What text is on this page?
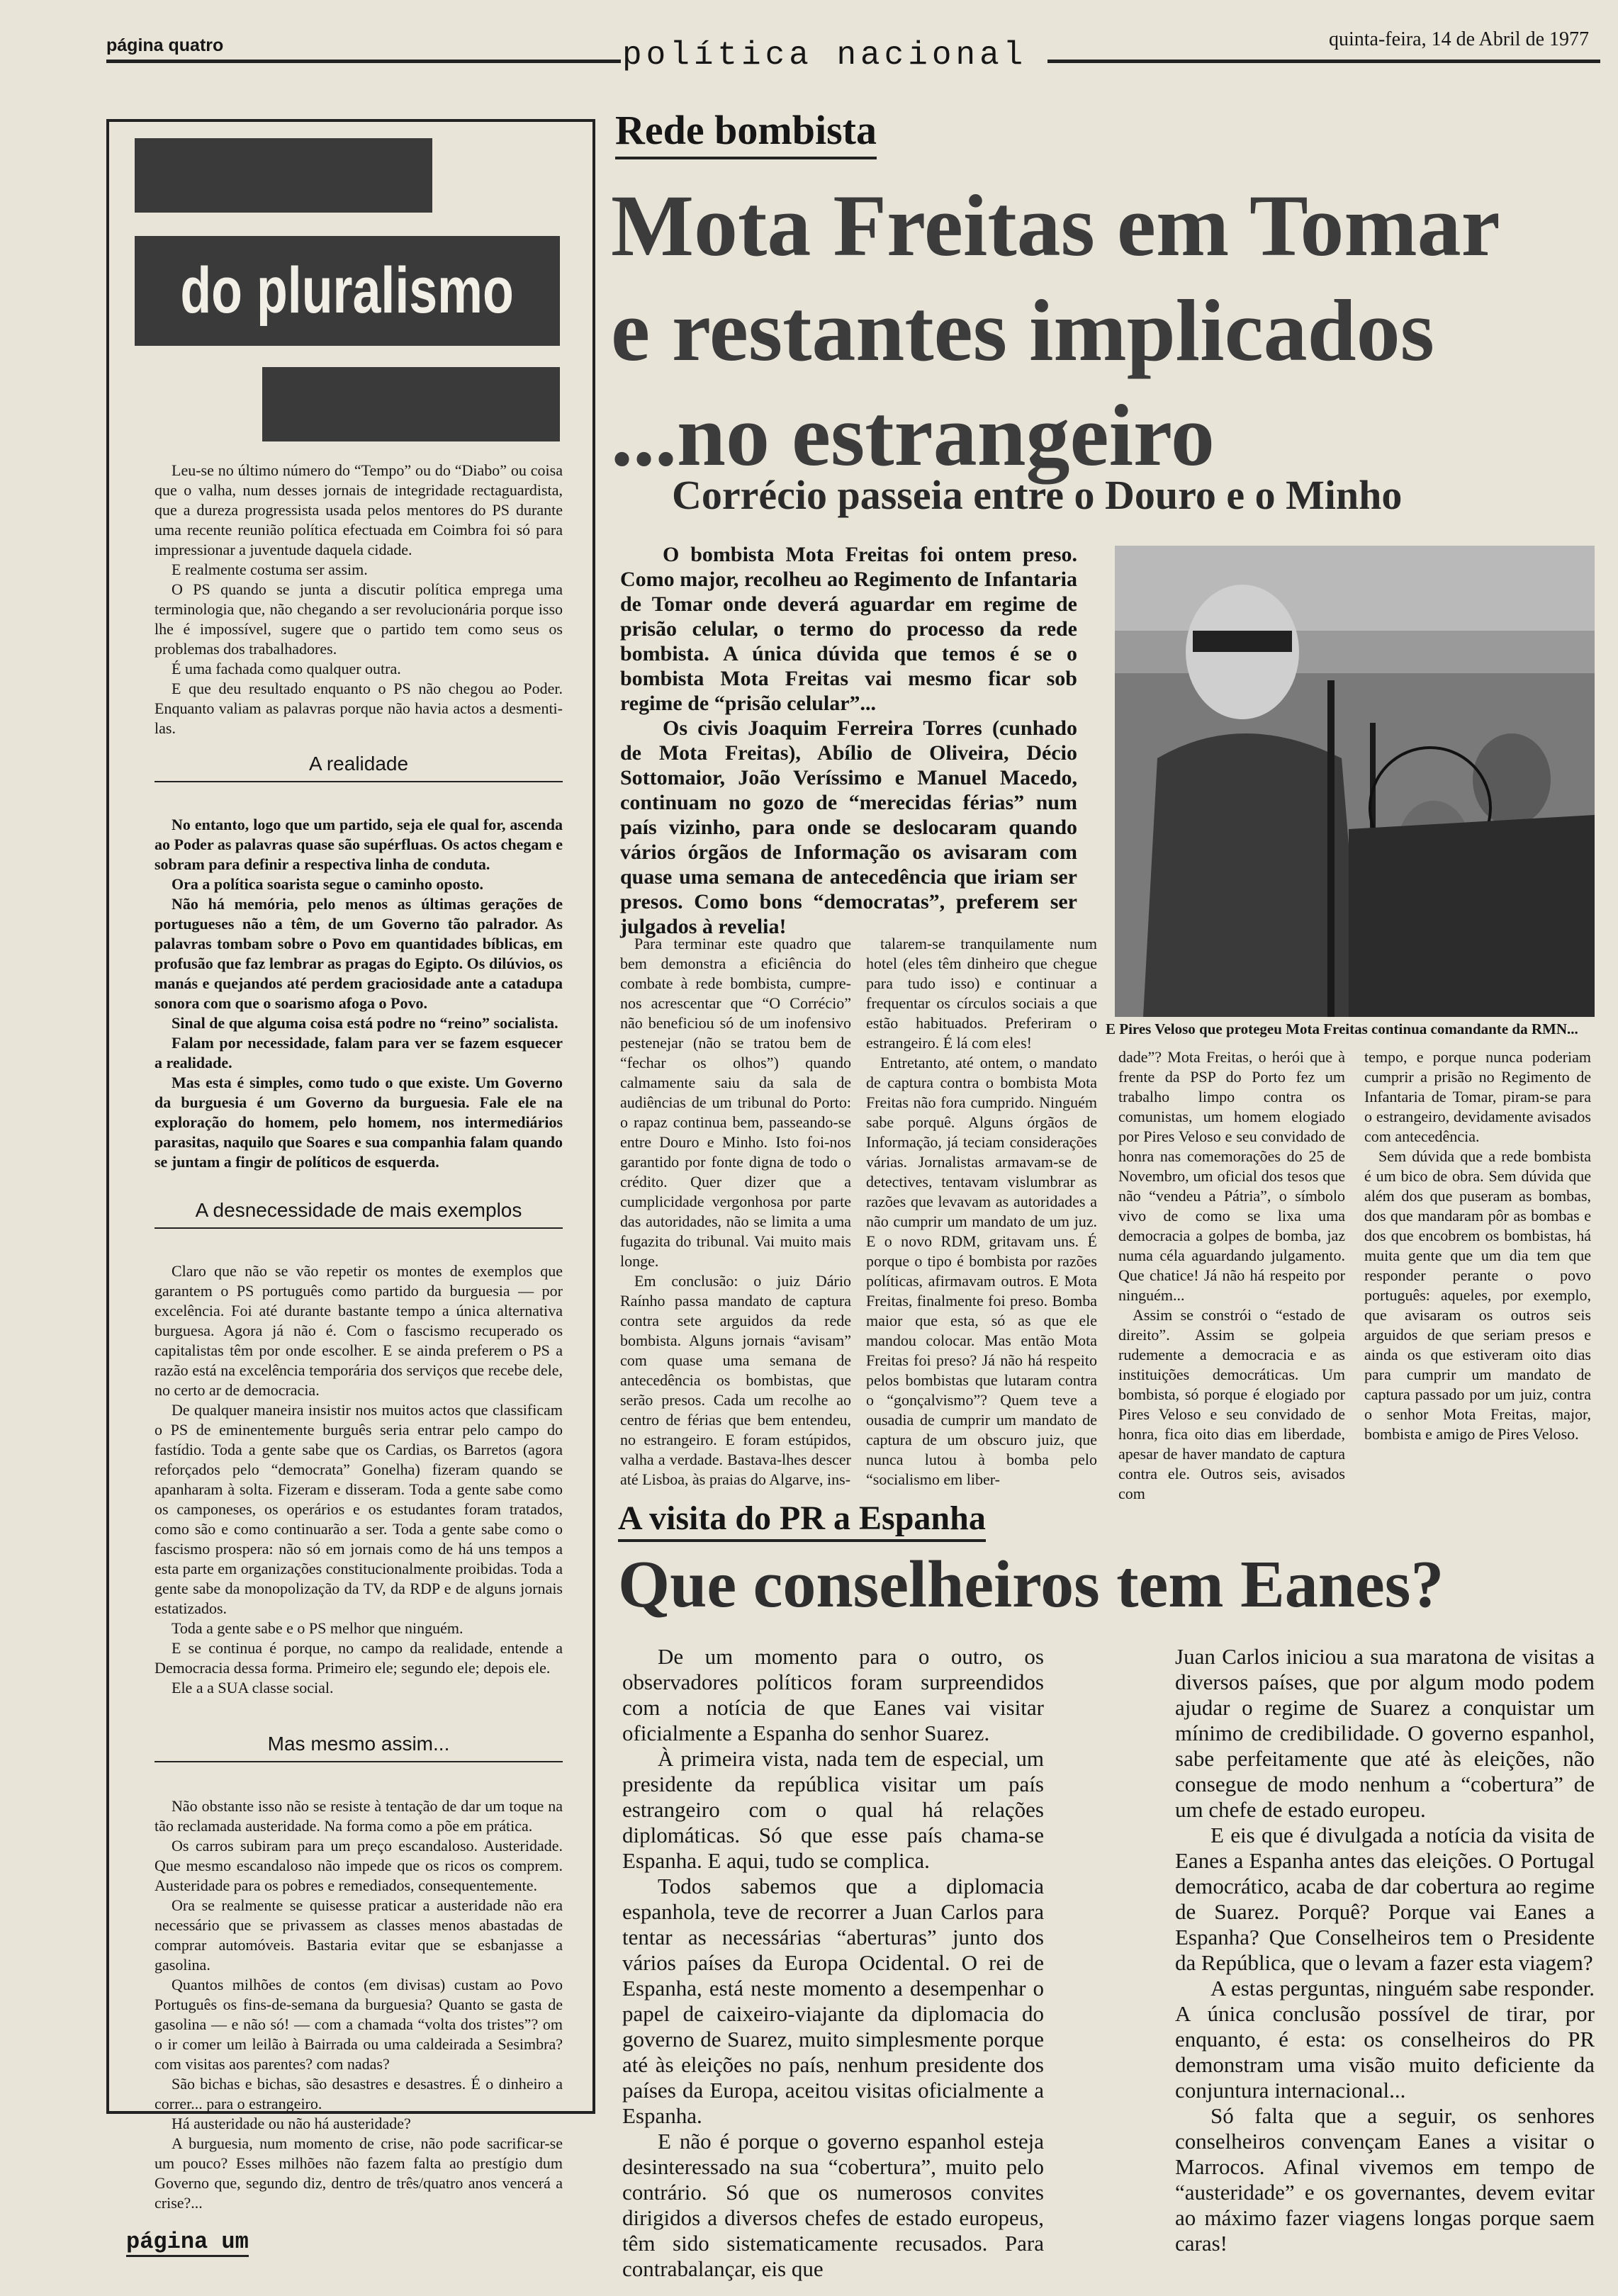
página quatro	política nacional	quinta-feira, 14 de Abril de 1977
do pluralismo

Leu-se no último número do “Tempo” ou do “Diabo” ou coisa que o valha, num desses jornais de integridade rectaguardista, que a dureza progressista usada pelos mentores do PS durante uma recente reunião política efectuada em Coimbra foi só para impressionar a juventude daquela cidade.

E realmente costuma ser assim.

O PS quando se junta a discutir política emprega uma terminologia que, não chegando a ser revolucionária porque isso lhe é impossível, sugere que o partido tem como seus os problemas dos trabalhadores.

É uma fachada como qualquer outra.

E que deu resultado enquanto o PS não chegou ao Poder. Enquanto valiam as palavras porque não havia actos a desmenti-las.

A realidade

No entanto, logo que um partido, seja ele qual for, ascenda ao Poder as palavras quase são supérfluas. Os actos chegam e sobram para definir a respectiva linha de conduta.

Ora a política soarista segue o caminho oposto.

Não há memória, pelo menos as últimas gerações de portugueses não a têm, de um Governo tão palrador. As palavras tombam sobre o Povo em quantidades bíblicas, em profusão que faz lembrar as pragas do Egipto. Os dilúvios, os manás e quejandos até perdem graciosidade ante a catadupa sonora com que o soarismo afoga o Povo.

Sinal de que alguma coisa está podre no “reino” socialista.

Falam por necessidade, falam para ver se fazem esquecer a realidade.

Mas esta é simples, como tudo o que existe. Um Governo da burguesia é um Governo da burguesia. Fale ele na exploração do homem, pelo homem, nos intermediários parasitas, naquilo que Soares e sua companhia falam quando se juntam a fingir de políticos de esquerda.

A desnecessidade de mais exemplos

Claro que não se vão repetir os montes de exemplos que garantem o PS português como partido da burguesia — por excelência. Foi até durante bastante tempo a única alternativa burguesa. Agora já não é. Com o fascismo recuperado os capitalistas têm por onde escolher. E se ainda preferem o PS a razão está na excelência temporária dos serviços que recebe dele, no certo ar de democracia.

De qualquer maneira insistir nos muitos actos que classificam o PS de eminentemente burguês seria entrar pelo campo do fastídio. Toda a gente sabe que os Cardias, os Barretos (agora reforçados pelo “democrata” Gonelha) fizeram quando se apanharam à solta. Fizeram e disseram. Toda a gente sabe como os camponeses, os operários e os estudantes foram tratados, como são e como continuarão a ser. Toda a gente sabe como o fascismo prospera: não só em jornais como de há uns tempos a esta parte em organizações constitucionalmente proibidas. Toda a gente sabe da monopolização da TV, da RDP e de alguns jornais estatizados.

Toda a gente sabe e o PS melhor que ninguém.

E se continua é porque, no campo da realidade, entende a Democracia dessa forma. Primeiro ele; segundo ele; depois ele.

Ele a a SUA classe social.

Mas mesmo assim...

Não obstante isso não se resiste à tentação de dar um toque na tão reclamada austeridade. Na forma como a põe em prática.

Os carros subiram para um preço escandaloso. Austeridade. Que mesmo escandaloso não impede que os ricos os comprem. Austeridade para os pobres e remediados, consequentemente.

Ora se realmente se quisesse praticar a austeridade não era necessário que se privassem as classes menos abastadas de comprar automóveis. Bastaria evitar que se esbanjasse a gasolina.

Quantos milhões de contos (em divisas) custam ao Povo Português os fins-de-semana da burguesia? Quanto se gasta de gasolina — e não só! — com a chamada “volta dos tristes”? om o ir comer um leilão à Bairrada ou uma caldeirada a Sesimbra? com visitas aos parentes? com nadas?

São bichas e bichas, são desastres e desastres. É o dinheiro a correr... para o estrangeiro.

Há austeridade ou não há austeridade?

A burguesia, num momento de crise, não pode sacrificar-se um pouco? Esses milhões não fazem falta ao prestígio dum Governo que, segundo diz, dentro de três/quatro anos vencerá a crise?...

Rede bombista
Mota Freitas em Tomar
e restantes implicados
...no estrangeiro
Corrécio passeia entre o Douro e o Minho

O bombista Mota Freitas foi ontem preso. Como major, recolheu ao Regimento de Infantaria de Tomar onde deverá aguardar em regime de prisão celular, o termo do processo da rede bombista. A única dúvida que temos é se o bombista Mota Freitas vai mesmo ficar sob regime de “prisão celular”...

Os civis Joaquim Ferreira Torres (cunhado de Mota Freitas), Abílio de Oliveira, Décio Sottomaior, João Veríssimo e Manuel Macedo, continuam no gozo de “merecidas férias” num país vizinho, para onde se deslocaram quando vários órgãos de Informação os avisaram com quase uma semana de antecedência que iriam ser presos. Como bons “democratas”, preferem ser julgados à revelia!

E Pires Veloso que protegeu Mota Freitas continua comandante da RMN...

Para terminar este quadro que bem demonstra a eficiência do combate à rede bombista, cumpre-nos acrescentar que “O Corrécio” não beneficiou só de um inofensivo pestenejar (não se tratou bem de “fechar os olhos”) quando calmamente saiu da sala de audiências de um tribunal do Porto: o rapaz continua bem, passeando-se entre Douro e Minho. Isto foi-nos garantido por fonte digna de todo o crédito. Quer dizer que a cumplicidade vergonhosa por parte das autoridades, não se limita a uma fugazita do tribunal. Vai muito mais longe.

Em conclusão: o juiz Dário Raínho passa mandato de captura contra sete arguidos da rede bombista. Alguns jornais “avisam” com quase uma semana de antecedência os bombistas, que serão presos. Cada um recolhe ao centro de férias que bem entendeu, no estrangeiro. E foram estúpidos, valha a verdade. Bastava-lhes descer até Lisboa, às praias do Algarve, ins-

talarem-se tranquilamente num hotel (eles têm dinheiro que chegue para tudo isso) e continuar a frequentar os círculos sociais a que estão habituados. Preferiram o estrangeiro. É lá com eles!

Entretanto, até ontem, o mandato de captura contra o bombista Mota Freitas não fora cumprido. Ninguém sabe porquê. Alguns órgãos de Informação, já teciam considerações várias. Jornalistas armavam-se de detectives, tentavam vislumbrar as razões que levavam as autoridades a não cumprir um mandato de um juz. E o novo RDM, gritavam uns. É porque o tipo é bombista por razões políticas, afirmavam outros. E Mota Freitas, finalmente foi preso. Bomba maior que esta, só as que ele mandou colocar. Mas então Mota Freitas foi preso? Já não há respeito pelos bombistas que lutaram contra o “gonçalvismo”? Quem teve a ousadia de cumprir um mandato de captura de um obscuro juiz, que nunca lutou à bomba pelo “socialismo em liber-

dade”? Mota Freitas, o herói que à frente da PSP do Porto fez um trabalho limpo contra os comunistas, um homem elogiado por Pires Veloso e seu convidado de honra nas comemorações do 25 de Novembro, um oficial dos tesos que não “vendeu a Pátria”, o símbolo vivo de como se lixa uma democracia a golpes de bomba, jaz numa céla aguardando julgamento. Que chatice! Já não há respeito por ninguém...

Assim se constrói o “estado de direito”. Assim se golpeia rudemente a democracia e as instituições democráticas. Um bombista, só porque é elogiado por Pires Veloso e seu convidado de honra, fica oito dias em liberdade, apesar de haver mandato de captura contra ele. Outros seis, avisados com

tempo, e porque nunca poderiam cumprir a prisão no Regimento de Infantaria de Tomar, piram-se para o estrangeiro, devidamente avisados com antecedência.

Sem dúvida que a rede bombista é um bico de obra. Sem dúvida que além dos que puseram as bombas, dos que mandaram pôr as bombas e dos que encobrem os bombistas, há muita gente que um dia tem que responder perante o povo português: aqueles, por exemplo, que avisaram os outros seis arguidos de que seriam presos e ainda os que estiveram oito dias para cumprir um mandato de captura passado por um juiz, contra o senhor Mota Freitas, major, bombista e amigo de Pires Veloso.

A visita do PR a Espanha
Que conselheiros tem Eanes?

De um momento para o outro, os observadores políticos foram surpreendidos com a notícia de que Eanes vai visitar oficialmente a Espanha do senhor Suarez.

À primeira vista, nada tem de especial, um presidente da república visitar um país estrangeiro com o qual há relações diplomáticas. Só que esse país chama-se Espanha. E aqui, tudo se complica.

Todos sabemos que a diplomacia espanhola, teve de recorrer a Juan Carlos para tentar as necessárias “aberturas” junto dos vários países da Europa Ocidental. O rei de Espanha, está neste momento a desempenhar o papel de caixeiro-viajante da diplomacia do governo de Suarez, muito simplesmente porque até às eleições no país, nenhum presidente dos países da Europa, aceitou visitas oficialmente a Espanha.

E não é porque o governo espanhol esteja desinteressado na sua “cobertura”, muito pelo contrário. Só que os numerosos convites dirigidos a diversos chefes de estado europeus, têm sido sistematicamente recusados. Para contrabalançar, eis que

Juan Carlos iniciou a sua maratona de visitas a diversos países, que por algum modo podem ajudar o regime de Suarez a conquistar um mínimo de credibilidade. O governo espanhol, sabe perfeitamente que até às eleições, não consegue de modo nenhum a “cobertura” de um chefe de estado europeu.

E eis que é divulgada a notícia da visita de Eanes a Espanha antes das eleições. O Portugal democrático, acaba de dar cobertura ao regime de Suarez. Porquê? Porque vai Eanes a Espanha? Que Conselheiros tem o Presidente da República, que o levam a fazer esta viagem?

A estas perguntas, ninguém sabe responder. A única conclusão possível de tirar, por enquanto, é esta: os conselheiros do PR demonstram uma visão muito deficiente da conjuntura internacional...

Só falta que a seguir, os senhores conselheiros convençam Eanes a visitar o Marrocos. Afinal vivemos em tempo de “austeridade” e os governantes, devem evitar ao máximo fazer viagens longas porque saem caras!

página um
